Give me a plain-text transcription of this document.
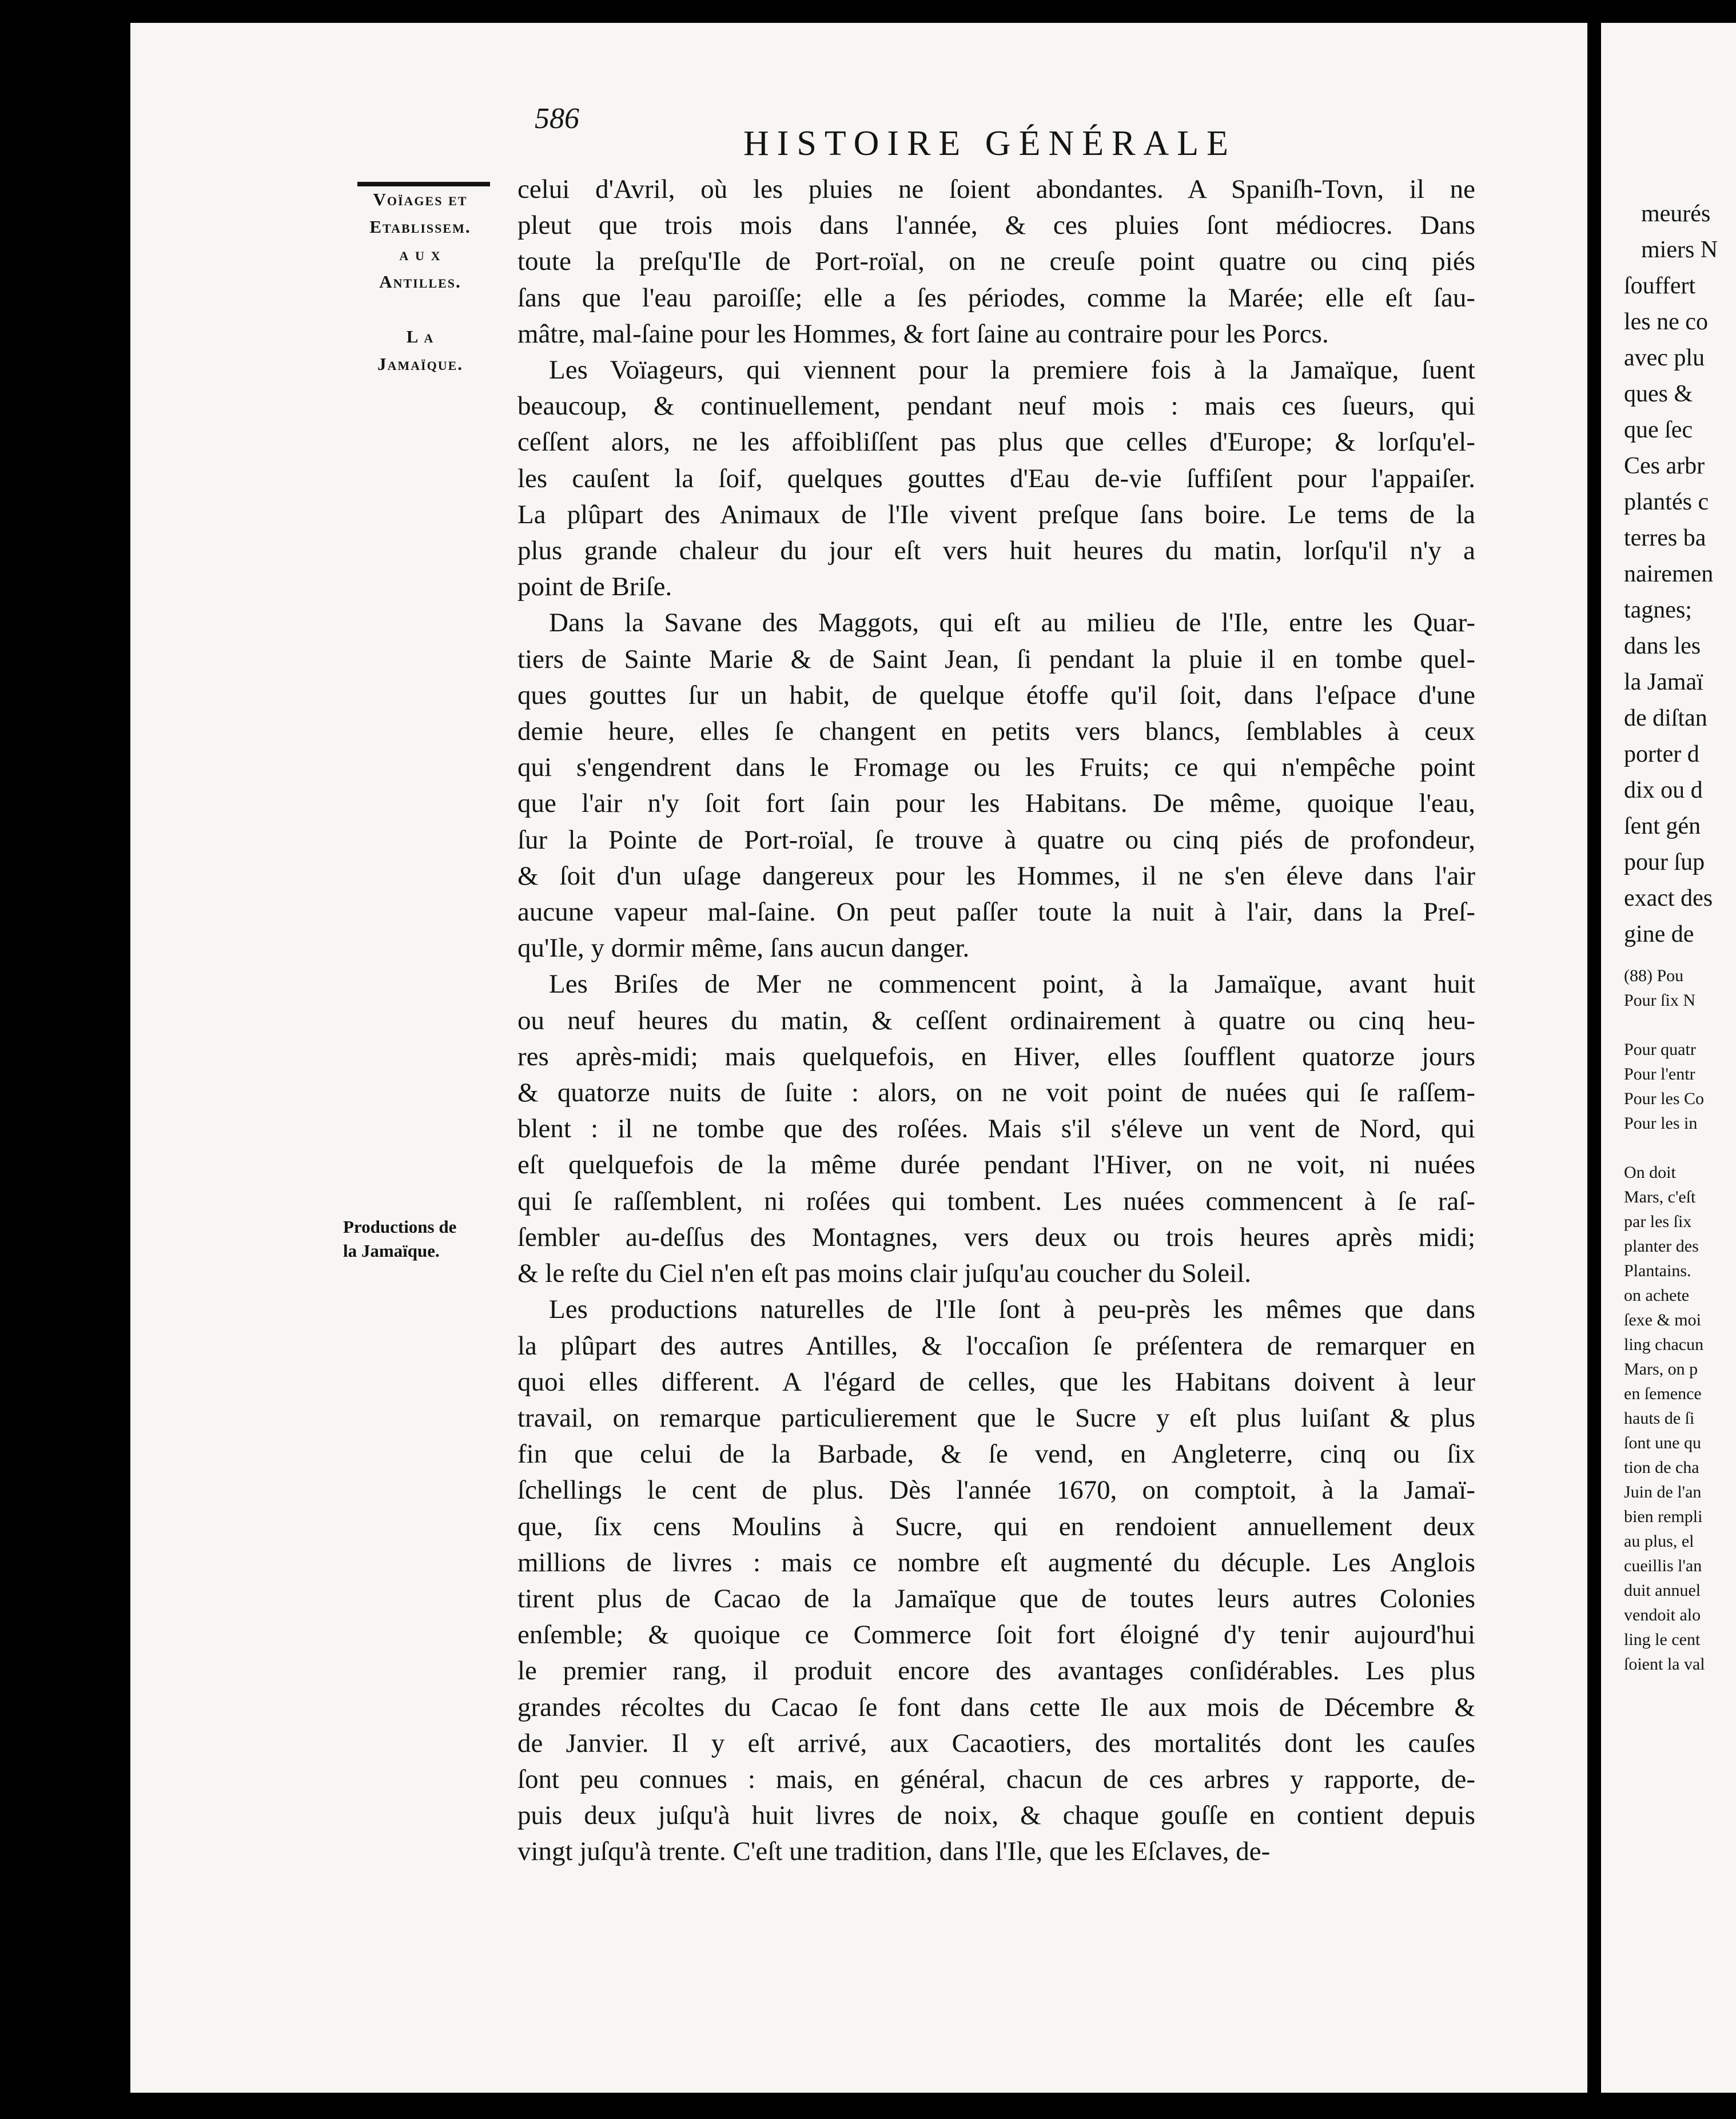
meurés
miers N
ſouffert
les ne co
avec plu
ques &
que ſec
Ces arbr
plantés c
terres ba
nairemen
tagnes;
dans les
la Jamaï
de diſtan
porter d
dix ou d
ſent gén
pour ſup
exact des
gine de
(88) Pou
Pour ſix N
Pour quatr
Pour l'entr
Pour les Co
Pour les in
On doit
Mars, c'eſt
par les ſix
planter des
Plantains.
on achete
ſexe & moi
ling chacun
Mars, on p
en ſemence
hauts de ſi
ſont une qu
tion de cha
Juin de l'an
bien rempli
au plus, el
cueillis l'an
duit annuel
vendoit alo
ling le cent
ſoient la val
586
HISTOIRE GÉNÉRALE
Voïages et
Etablissem.
a u x
Antilles.

L a
Jamaïque.
Productions de
la Jamaïque.
celui d'Avril, où les pluies ne ſoient abondantes. A Spaniſh-Tovn, il ne
pleut que trois mois dans l'année, & ces pluies ſont médiocres. Dans
toute la preſqu'Ile de Port-roïal, on ne creuſe point quatre ou cinq piés
ſans que l'eau paroiſſe; elle a ſes périodes, comme la Marée; elle eſt ſau-
mâtre, mal-ſaine pour les Hommes, & fort ſaine au contraire pour les Porcs.
Les Voïageurs, qui viennent pour la premiere fois à la Jamaïque, ſuent
beaucoup, & continuellement, pendant neuf mois : mais ces ſueurs, qui
ceſſent alors, ne les affoibliſſent pas plus que celles d'Europe; & lorſqu'el-
les cauſent la ſoif, quelques gouttes d'Eau de-vie ſuffiſent pour l'appaiſer.
La plûpart des Animaux de l'Ile vivent preſque ſans boire. Le tems de la
plus grande chaleur du jour eſt vers huit heures du matin, lorſqu'il n'y a
point de Briſe.
Dans la Savane des Maggots, qui eſt au milieu de l'Ile, entre les Quar-
tiers de Sainte Marie & de Saint Jean, ſi pendant la pluie il en tombe quel-
ques gouttes ſur un habit, de quelque étoffe qu'il ſoit, dans l'eſpace d'une
demie heure, elles ſe changent en petits vers blancs, ſemblables à ceux
qui s'engendrent dans le Fromage ou les Fruits; ce qui n'empêche point
que l'air n'y ſoit fort ſain pour les Habitans. De même, quoique l'eau,
ſur la Pointe de Port-roïal, ſe trouve à quatre ou cinq piés de profondeur,
& ſoit d'un uſage dangereux pour les Hommes, il ne s'en éleve dans l'air
aucune vapeur mal-ſaine. On peut paſſer toute la nuit à l'air, dans la Preſ-
qu'Ile, y dormir même, ſans aucun danger.
Les Briſes de Mer ne commencent point, à la Jamaïque, avant huit
ou neuf heures du matin, & ceſſent ordinairement à quatre ou cinq heu-
res après-midi; mais quelquefois, en Hiver, elles ſoufflent quatorze jours
& quatorze nuits de ſuite : alors, on ne voit point de nuées qui ſe raſſem-
blent : il ne tombe que des roſées. Mais s'il s'éleve un vent de Nord, qui
eſt quelquefois de la même durée pendant l'Hiver, on ne voit, ni nuées
qui ſe raſſemblent, ni roſées qui tombent. Les nuées commencent à ſe raſ-
ſembler au-deſſus des Montagnes, vers deux ou trois heures après midi;
& le reſte du Ciel n'en eſt pas moins clair juſqu'au coucher du Soleil.
Les productions naturelles de l'Ile ſont à peu-près les mêmes que dans
la plûpart des autres Antilles, & l'occaſion ſe préſentera de remarquer en
quoi elles different. A l'égard de celles, que les Habitans doivent à leur
travail, on remarque particulierement que le Sucre y eſt plus luiſant & plus
fin que celui de la Barbade, & ſe vend, en Angleterre, cinq ou ſix
ſchellings le cent de plus. Dès l'année 1670, on comptoit, à la Jamaï-
que, ſix cens Moulins à Sucre, qui en rendoient annuellement deux
millions de livres : mais ce nombre eſt augmenté du décuple. Les Anglois
tirent plus de Cacao de la Jamaïque que de toutes leurs autres Colonies
enſemble; & quoique ce Commerce ſoit fort éloigné d'y tenir aujourd'hui
le premier rang, il produit encore des avantages conſidérables. Les plus
grandes récoltes du Cacao ſe font dans cette Ile aux mois de Décembre &
de Janvier. Il y eſt arrivé, aux Cacaotiers, des mortalités dont les cauſes
ſont peu connues : mais, en général, chacun de ces arbres y rapporte, de-
puis deux juſqu'à huit livres de noix, & chaque gouſſe en contient depuis
vingt juſqu'à trente. C'eſt une tradition, dans l'Ile, que les Eſclaves, de-
